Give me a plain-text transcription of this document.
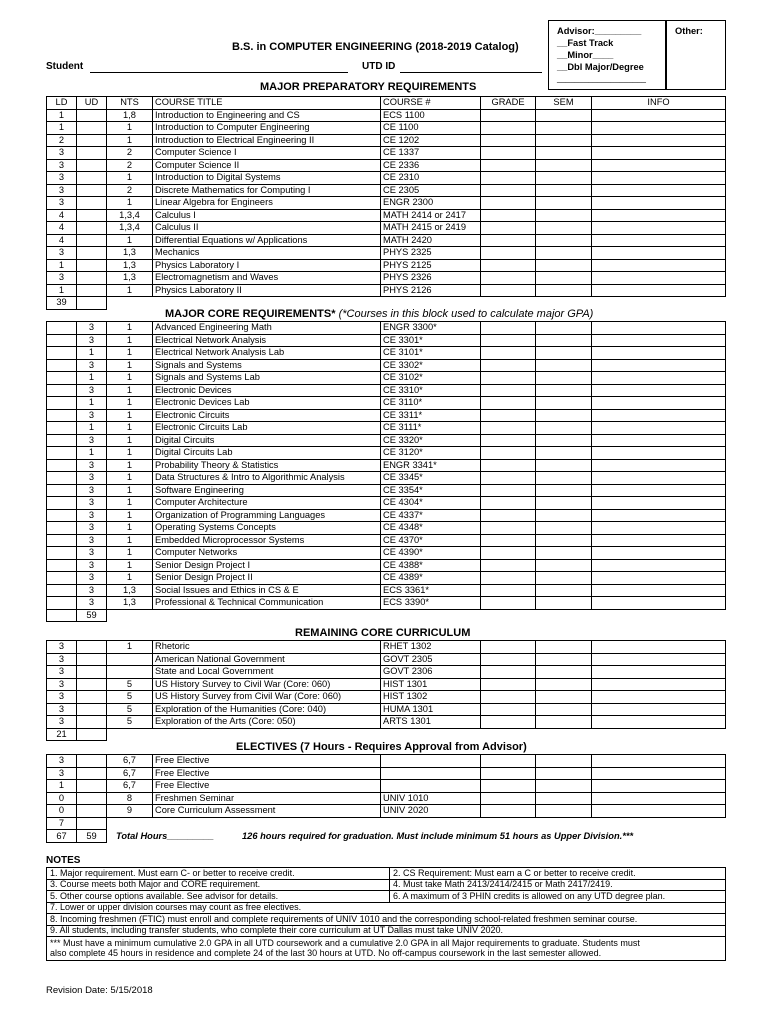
B.S. in COMPUTER ENGINEERING (2018-2019 Catalog)
Student	UTD ID
Advisor:_________
__Fast Track
__Minor____
__Dbl Major/Degree
____________________
Other:
MAJOR PREPARATORY REQUIREMENTS
MAJOR CORE REQUIREMENTS* (*Courses in this block used to calculate major GPA)
REMAINING CORE CURRICULUM
ELECTIVES (7 Hours - Requires Approval from Advisor)
LD	UD	NTS	COURSE TITLE	COURSE #	GRADE	SEM	INFO
1		1,8	Introduction to Engineering and CS	ECS 1100			
1		1	Introduction to Computer Engineering	CE 1100			
2		1	Introduction to Electrical Engineering II	CE 1202			
3		2	Computer Science I	CE 1337			
3		2	Computer Science II	CE 2336			
3		1	Introduction to Digital Systems	CE 2310			
3		2	Discrete Mathematics for Computing I	CE 2305			
3		1	Linear Algebra for Engineers	ENGR 2300			
4		1,3,4	Calculus I	MATH 2414 or 2417			
4		1,3,4	Calculus II	MATH 2415 or 2419			
4		1	Differential Equations w/ Applications	MATH 2420			
3		1,3	Mechanics	PHYS 2325			
1		1,3	Physics Laboratory I	PHYS 2125			
3		1,3	Electromagnetism and Waves	PHYS 2326			
1		1	Physics Laboratory II	PHYS 2126			
39							
	3	1	Advanced Engineering Math	ENGR 3300*			
	3	1	Electrical Network Analysis	CE 3301*			
	1	1	Electrical Network Analysis Lab	CE 3101*			
	3	1	Signals and Systems	CE 3302*			
	1	1	Signals and Systems Lab	CE 3102*			
	3	1	Electronic Devices	CE 3310*			
	1	1	Electronic Devices Lab	CE 3110*			
	3	1	Electronic Circuits	CE 3311*			
	1	1	Electronic Circuits Lab	CE 3111*			
	3	1	Digital Circuits	CE 3320*			
	1	1	Digital Circuits Lab	CE 3120*			
	3	1	Probability Theory & Statistics	ENGR 3341*			
	3	1	Data Structures & Intro to Algorithmic Analysis	CE 3345*			
	3	1	Software Engineering	CE 3354*			
	3	1	Computer Architecture	CE 4304*			
	3	1	Organization of Programming Languages	CE 4337*			
	3	1	Operating Systems Concepts	CE 4348*			
	3	1	Embedded Microprocessor Systems	CE 4370*			
	3	1	Computer Networks	CE 4390*			
	3	1	Senior Design Project I	CE 4388*			
	3	1	Senior Design Project II	CE 4389*			
	3	1,3	Social Issues and Ethics in CS & E	ECS 3361*			
	3	1,3	Professional & Technical Communication	ECS 3390*			
	59						
3		1	Rhetoric	RHET 1302			
3			American National Government	GOVT 2305			
3			State and Local Government	GOVT 2306			
3		5	US History Survey to Civil War (Core: 060)	HIST 1301			
3		5	US History Survey from Civil War (Core: 060)	HIST 1302			
3		5	Exploration of the Humanities (Core: 040)	HUMA 1301			
3		5	Exploration of the Arts (Core: 050)	ARTS 1301			
21							
3		6,7	Free Elective				
3		6,7	Free Elective				
1		6,7	Free Elective				
0		8	Freshmen Seminar	UNIV 1010			
0		9	Core Curriculum Assessment	UNIV 2020			
7							
67	59	Total Hours_________	126 hours required for graduation. Must include minimum 51 hours as Upper Division.***
NOTES
1. Major requirement. Must earn C- or better to receive credit.	2. CS Requirement: Must earn a C or better to receive credit.
3. Course meets both Major and CORE requirement.	4. Must take Math 2413/2414/2415 or Math 2417/2419.
5. Other course options available. See advisor for details.	6. A maximum of 3 PHIN credits is allowed on any UTD degree plan.
7. Lower or upper division courses may count as free electives.	
8. Incoming freshmen (FTIC) must enroll and complete requirements of UNIV 1010 and the corresponding school-related freshmen seminar course.	
9. All students, including transfer students, who complete their core curriculum at UT Dallas must take UNIV 2020.	

*** Must have a minimum cumulative 2.0 GPA in all UTD coursework and a cumulative 2.0 GPA in all Major requirements to graduate. Students must
also complete 45 hours in residence and complete 24 of the last 30 hours at UTD. No off-campus coursework in the last semester allowed.	
Revision Date: 5/15/2018
